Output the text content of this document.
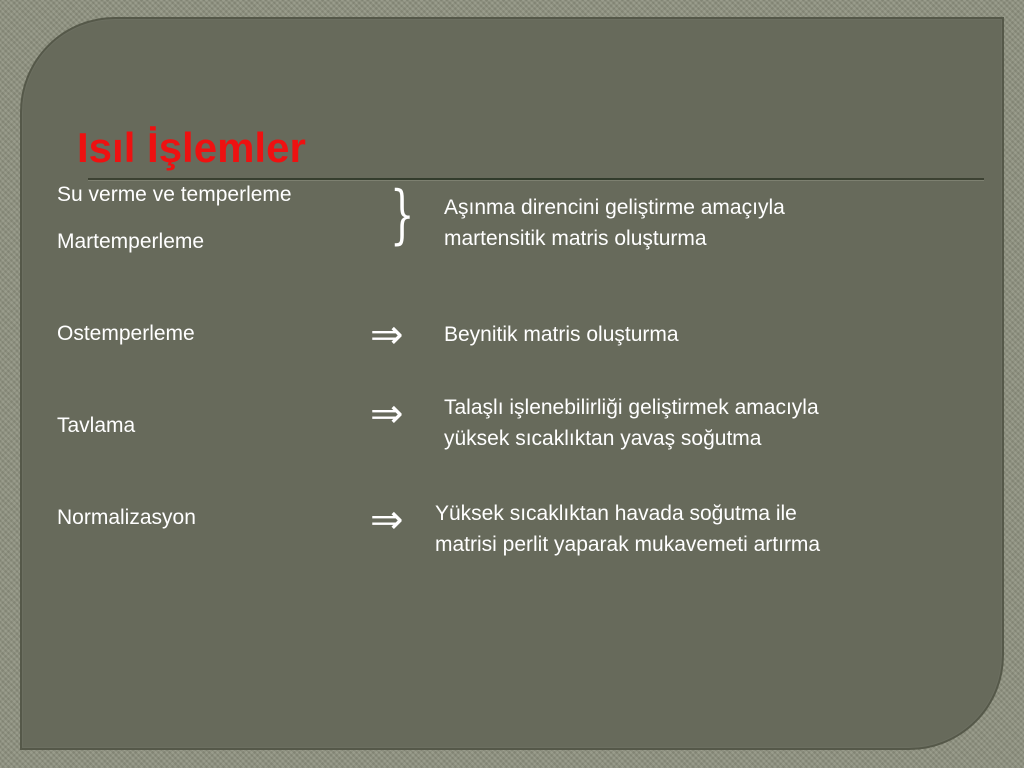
Isıl İşlemler
Su verme ve temperleme
Martemperleme
Ostemperleme
Tavlama
Normalizasyon
}
⇒
⇒
⇒
Aşınma direncini geliştirme amaçıyla
martensitik matris oluşturma
Beynitik matris oluşturma
Talaşlı işlenebilirliği geliştirmek amacıyla
yüksek sıcaklıktan yavaş soğutma
Yüksek sıcaklıktan havada soğutma ile
matrisi perlit yaparak mukavemeti artırma
